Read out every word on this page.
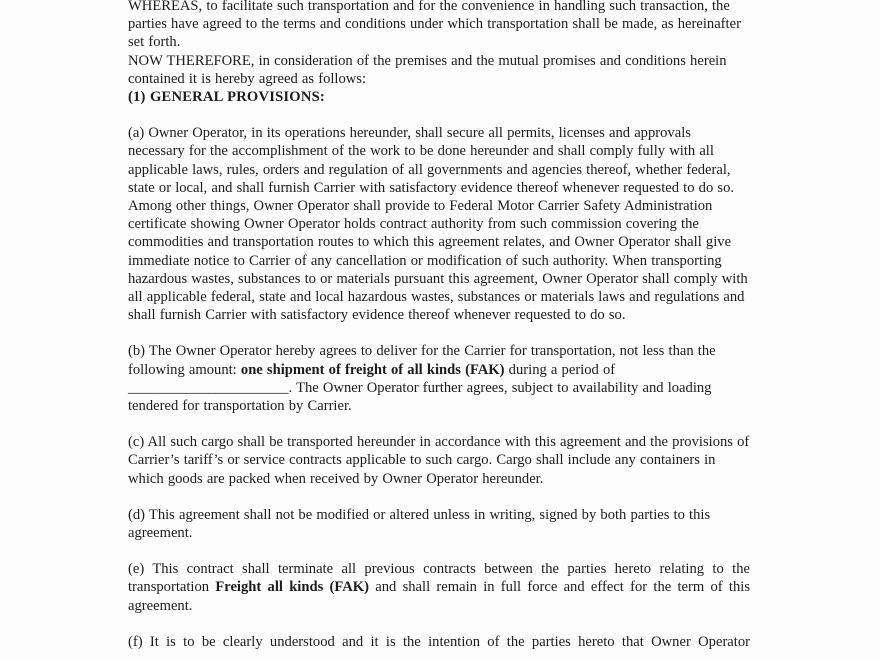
WHEREAS, to facilitate such transportation and for the convenience in handling such transaction, the parties have agreed to the terms and conditions under which transportation shall be made, as hereinafter set forth.

NOW THEREFORE, in consideration of the premises and the mutual promises and conditions herein contained it is hereby agreed as follows:

(1) GENERAL PROVISIONS:

(a) Owner Operator, in its operations hereunder, shall secure all permits, licenses and approvals necessary for the accomplishment of the work to be done hereunder and shall comply fully with all applicable laws, rules, orders and regulation of all governments and agencies thereof, whether federal, state or local, and shall furnish Carrier with satisfactory evidence thereof whenever requested to do so. Among other things, Owner Operator shall provide to Federal Motor Carrier Safety Administration certificate showing Owner Operator holds contract authority from such commission covering the commodities and transportation routes to which this agreement relates, and Owner Operator shall give immediate notice to Carrier of any cancellation or modification of such authority. When transporting hazardous wastes, substances to or materials pursuant this agreement, Owner Operator shall comply with all applicable federal, state and local hazardous wastes, substances or materials laws and regulations and shall furnish Carrier with satisfactory evidence thereof whenever requested to do so.

(b) The Owner Operator hereby agrees to deliver for the Carrier for transportation, not less than the following amount: one shipment of freight of all kinds (FAK) during a period of ______________________. The Owner Operator further agrees, subject to availability and loading tendered for transportation by Carrier.

(c) All such cargo shall be transported hereunder in accordance with this agreement and the provisions of Carrier’s tariff’s or service contracts applicable to such cargo. Cargo shall include any containers in which goods are packed when received by Owner Operator hereunder.

(d) This agreement shall not be modified or altered unless in writing, signed by both parties to this agreement.

(e) This contract shall terminate all previous contracts between the parties hereto relating to the transportation Freight all kinds (FAK) and shall remain in full force and effect for the term of this agreement.

(f) It is to be clearly understood and it is the intention of the parties hereto that Owner Operator
